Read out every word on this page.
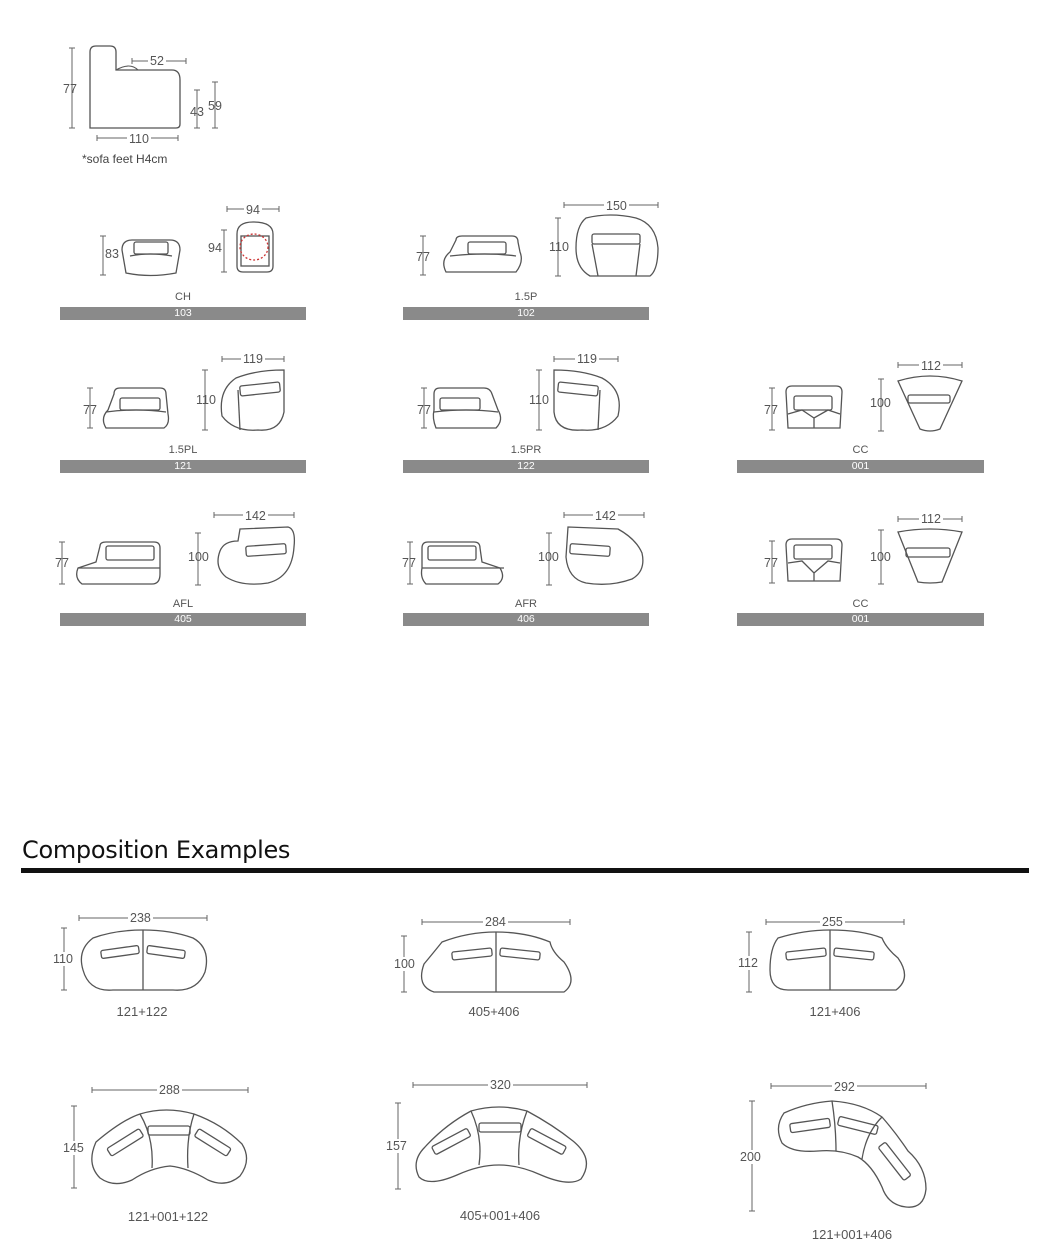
52
77
43 59
110
*sofa feet H4cm
83
94
94
CH
103
77
150
110
1.5P
102
77
119
110
1.5PL
121
77
119
110
1.5PR
122
77
112
100
CC
001
77
142
100
AFL
405
77
142
100
AFR
406
77
112
100
CC
001
Composition Examples
238
110
121+122
284
100
405+406
255
112
121+406
288
145
121+001+122
320
157
405+001+406
292
200
121+001+406
